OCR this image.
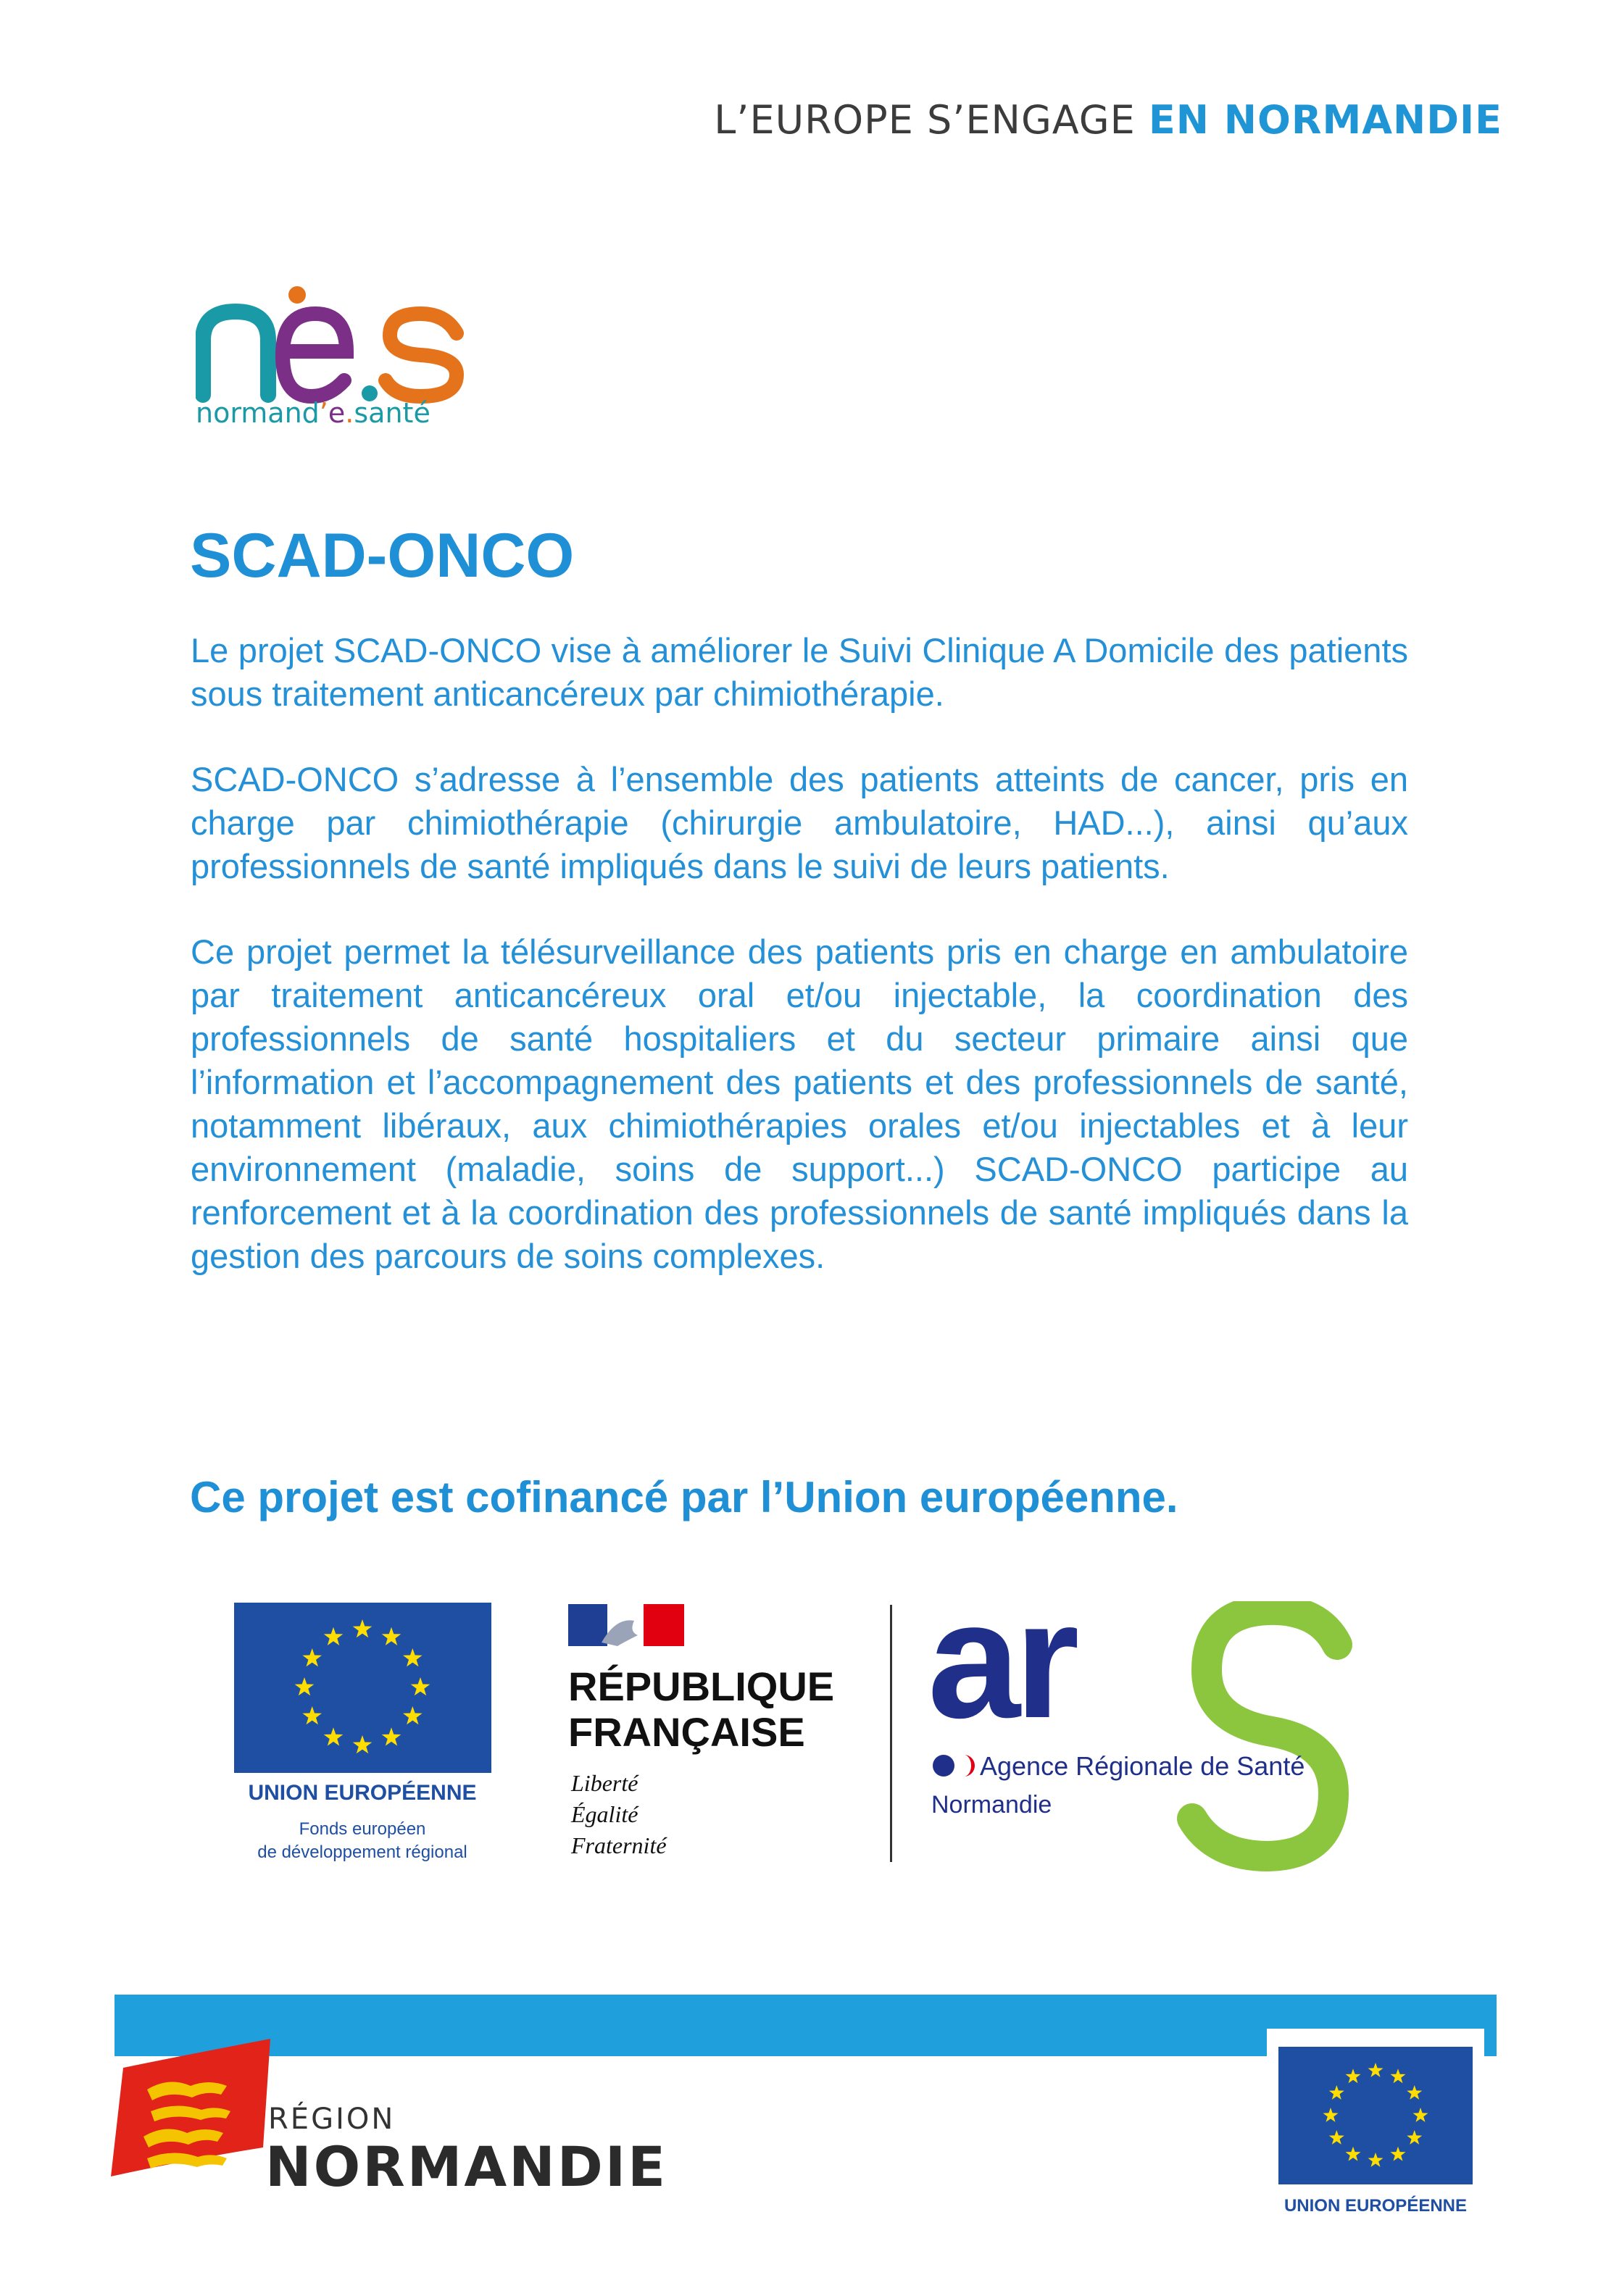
L’EUROPE S’ENGAGE EN NORMANDIE
normand’e.santé
SCAD-ONCO

Le projet SCAD-ONCO vise à améliorer le Suivi Clinique A Domicile des patients sous traitement anticancéreux par chimiothérapie.

SCAD-ONCO s’adresse à l’ensemble des patients atteints de cancer, pris en charge par chimiothérapie (chirurgie ambulatoire, HAD...), ainsi qu’aux professionnels de santé impliqués dans le suivi de leurs patients.

Ce projet permet la télésurveillance des patients pris en charge en ambulatoire par traitement anticancéreux oral et/ou injectable, la coordination des professionnels de santé hospitaliers et du secteur primaire ainsi que l’information et l’accompagnement des patients et des professionnels de santé, notamment libéraux, aux chimiothérapies orales et/ou injectables et à leur environnement (maladie, soins de support...) SCAD-ONCO participe au renforcement et à la coordination des professionnels de santé impliqués dans la gestion des parcours de soins complexes.

Ce projet est cofinancé par l’Union européenne.
UNION EUROPÉENNE
Fonds européen
de développement régional
RÉPUBLIQUE
FRANÇAISE
Liberté
Égalité
Fraternité
ar
Agence Régionale de Santé
Normandie
RÉGION
NORMANDIE
UNION EUROPÉENNE
